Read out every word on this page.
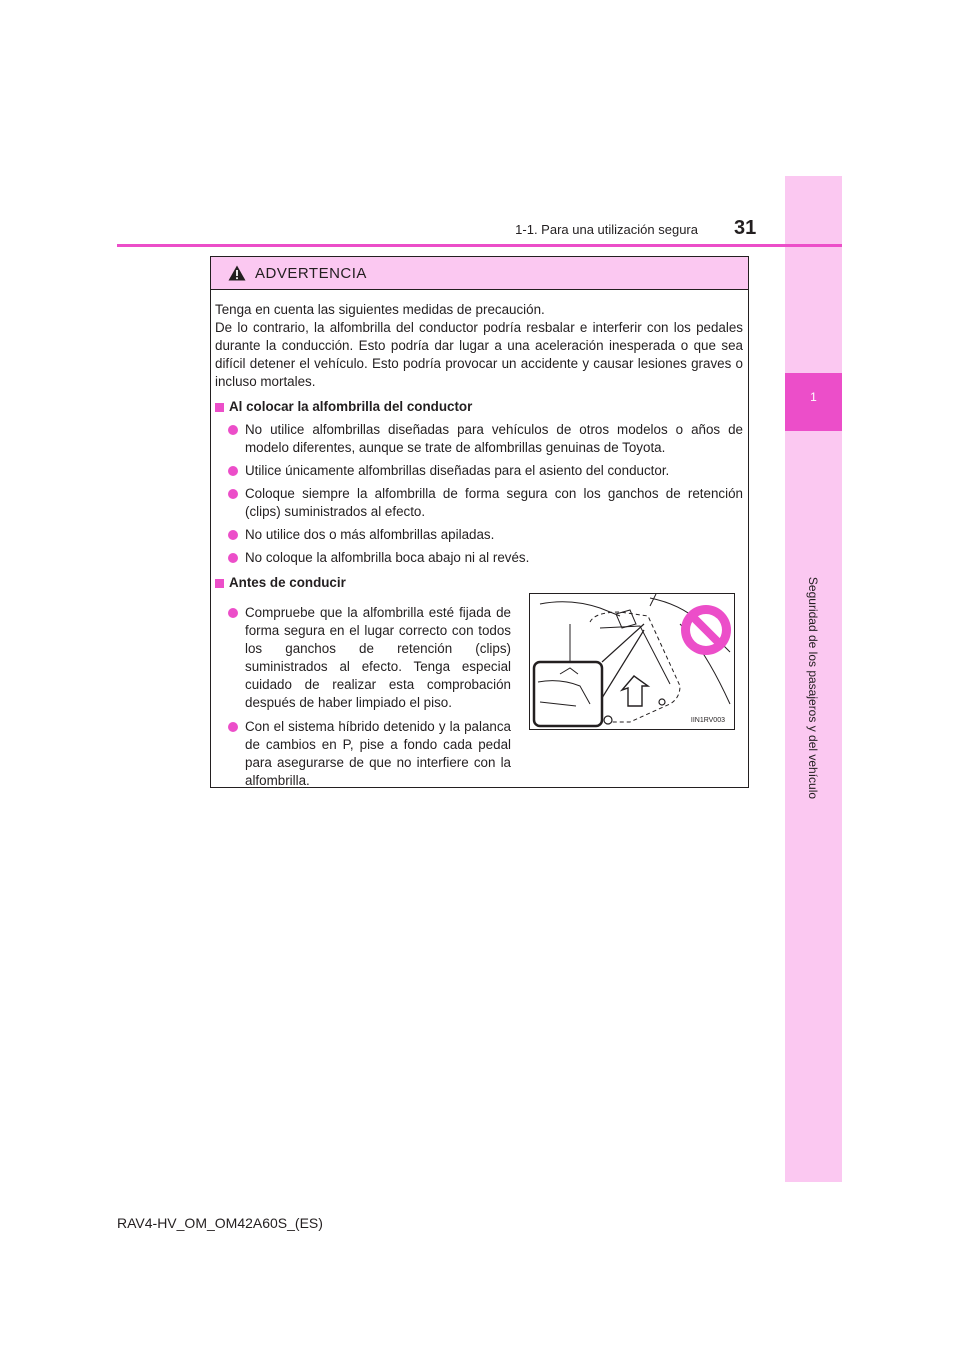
1
Seguridad de los pasajeros y del vehículo
1-1. Para una utilización segura 31
ADVERTENCIA

Tenga en cuenta las siguientes medidas de precaución.

De lo contrario, la alfombrilla del conductor podría resbalar e interferir con los pedales durante la conducción. Esto podría dar lugar a una aceleración inesperada o que sea difícil detener el vehículo. Esto podría provocar un accidente y causar lesiones graves o incluso mortales.

Al colocar la alfombrilla del conductor
No utilice alfombrillas diseñadas para vehículos de otros modelos o años de modelo diferentes, aunque se trate de alfombrillas genuinas de Toyota.
Utilice únicamente alfombrillas diseñadas para el asiento del conductor.
Coloque siempre la alfombrilla de forma segura con los ganchos de retención (clips) suministrados al efecto.
No utilice dos o más alfombrillas apiladas.
No coloque la alfombrilla boca abajo ni al revés.
Antes de conducir
Compruebe que la alfombrilla esté fijada de forma segura en el lugar correcto con todos los ganchos de retención (clips) suministrados al efecto. Tenga especial cuidado de realizar esta comprobación después de haber limpiado el piso.
Con el sistema híbrido detenido y la palanca de cambios en P, pise a fondo cada pedal para asegurarse de que no interfiere con la alfombrilla.
IIN1RV003
RAV4-HV_OM_OM42A60S_(ES)
